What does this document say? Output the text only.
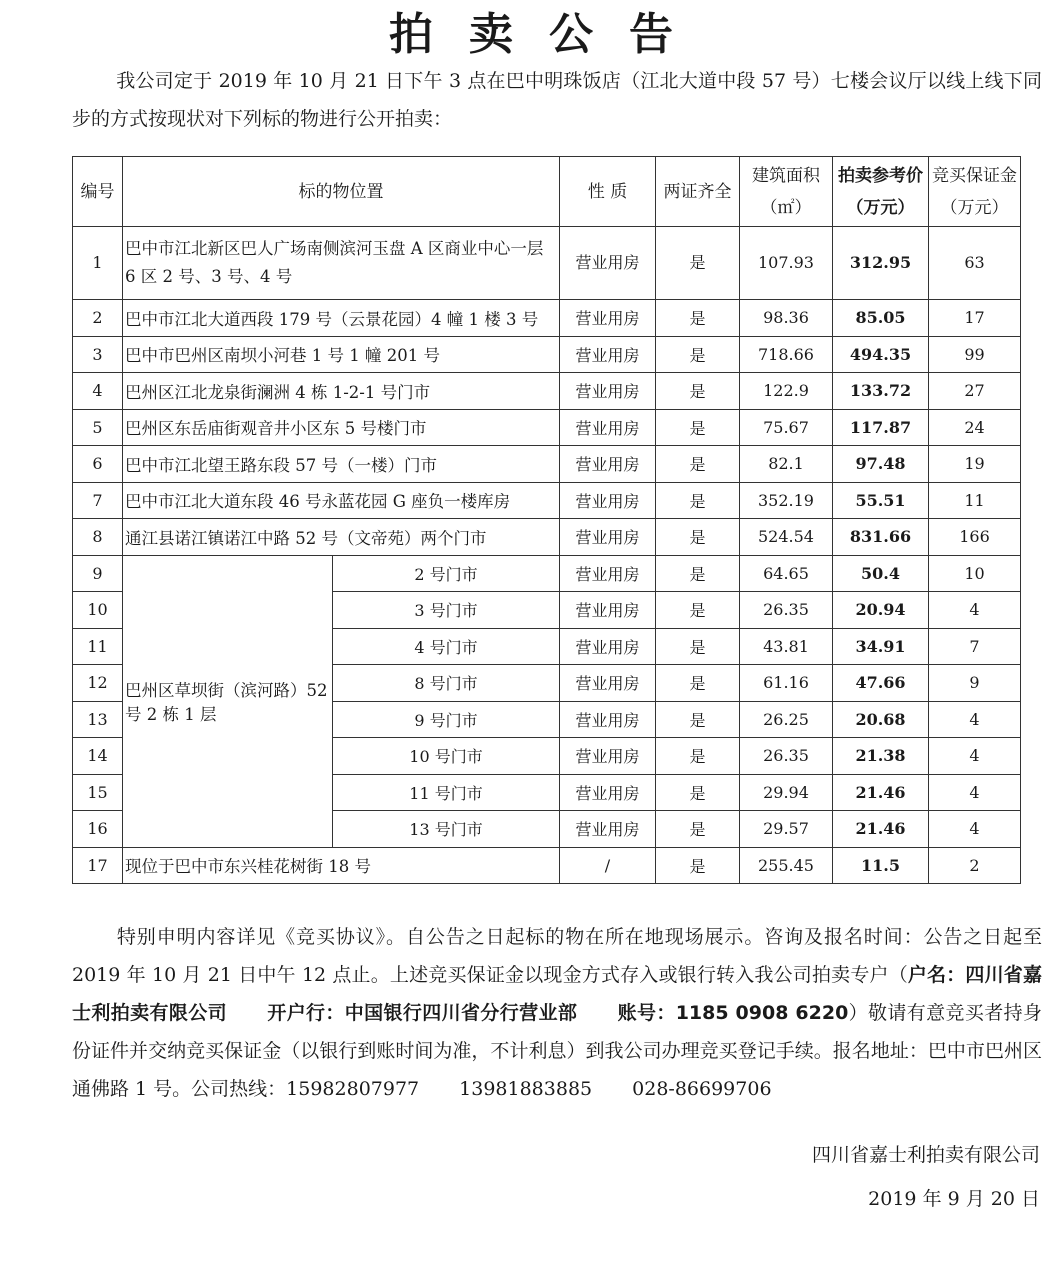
拍卖公告
我公司定于 2019 年 10 月 21 日下午 3 点在巴中明珠饭店（江北大道中段 57 号）七楼会议厅以线上线下同步的方式按现状对下列标的物进行公开拍卖：
编号	标的物位置		性 质	两证齐全	建筑面积（㎡）	拍卖参考价（万元）	竞买保证金（万元）
1	巴中市江北新区巴人广场南侧滨河玉盘 A 区商业中心一层 6 区 2 号、3 号、4 号		营业用房	是	107.93	312.95	63
2	巴中市江北大道西段 179 号（云景花园）4 幢 1 楼 3 号		营业用房	是	98.36	85.05	17
3	巴中市巴州区南坝小河巷 1 号 1 幢 201 号		营业用房	是	718.66	494.35	99
4	巴州区江北龙泉街澜洲 4 栋 1-2-1 号门市		营业用房	是	122.9	133.72	27
5	巴州区东岳庙街观音井小区东 5 号楼门市		营业用房	是	75.67	117.87	24
6	巴中市江北望王路东段 57 号（一楼）门市		营业用房	是	82.1	97.48	19
7	巴中市江北大道东段 46 号永蓝花园 G 座负一楼库房		营业用房	是	352.19	55.51	11
8	通江县诺江镇诺江中路 52 号（文帝苑）两个门市		营业用房	是	524.54	831.66	166
9	巴州区草坝街（滨河路）52 号 2 栋 1 层	2 号门市	营业用房	是	64.65	50.4	10
10		3 号门市	营业用房	是	26.35	20.94	4
11		4 号门市	营业用房	是	43.81	34.91	7
12		8 号门市	营业用房	是	61.16	47.66	9
13		9 号门市	营业用房	是	26.25	20.68	4
14		10 号门市	营业用房	是	26.35	21.38	4
15		11 号门市	营业用房	是	29.94	21.46	4
16		13 号门市	营业用房	是	29.57	21.46	4
17	现位于巴中市东兴桂花树街 18 号		/	是	255.45	11.5	2
特别申明内容详见《竞买协议》。自公告之日起标的物在所在地现场展示。咨询及报名时间：公告之日起至 2019 年 10 月 21 日中午 12 点止。上述竞买保证金以现金方式存入或银行转入我公司拍卖专户（户名：四川省嘉士利拍卖有限公司 开户行：中国银行四川省分行营业部 账号：1185 0908 6220）敬请有意竞买者持身份证件并交纳竞买保证金（以银行到账时间为准，不计利息）到我公司办理竞买登记手续。报名地址：巴中市巴州区通佛路 1 号。公司热线：15982807977 13981883885 028-86699706
四川省嘉士利拍卖有限公司
2019 年 9 月 20 日
